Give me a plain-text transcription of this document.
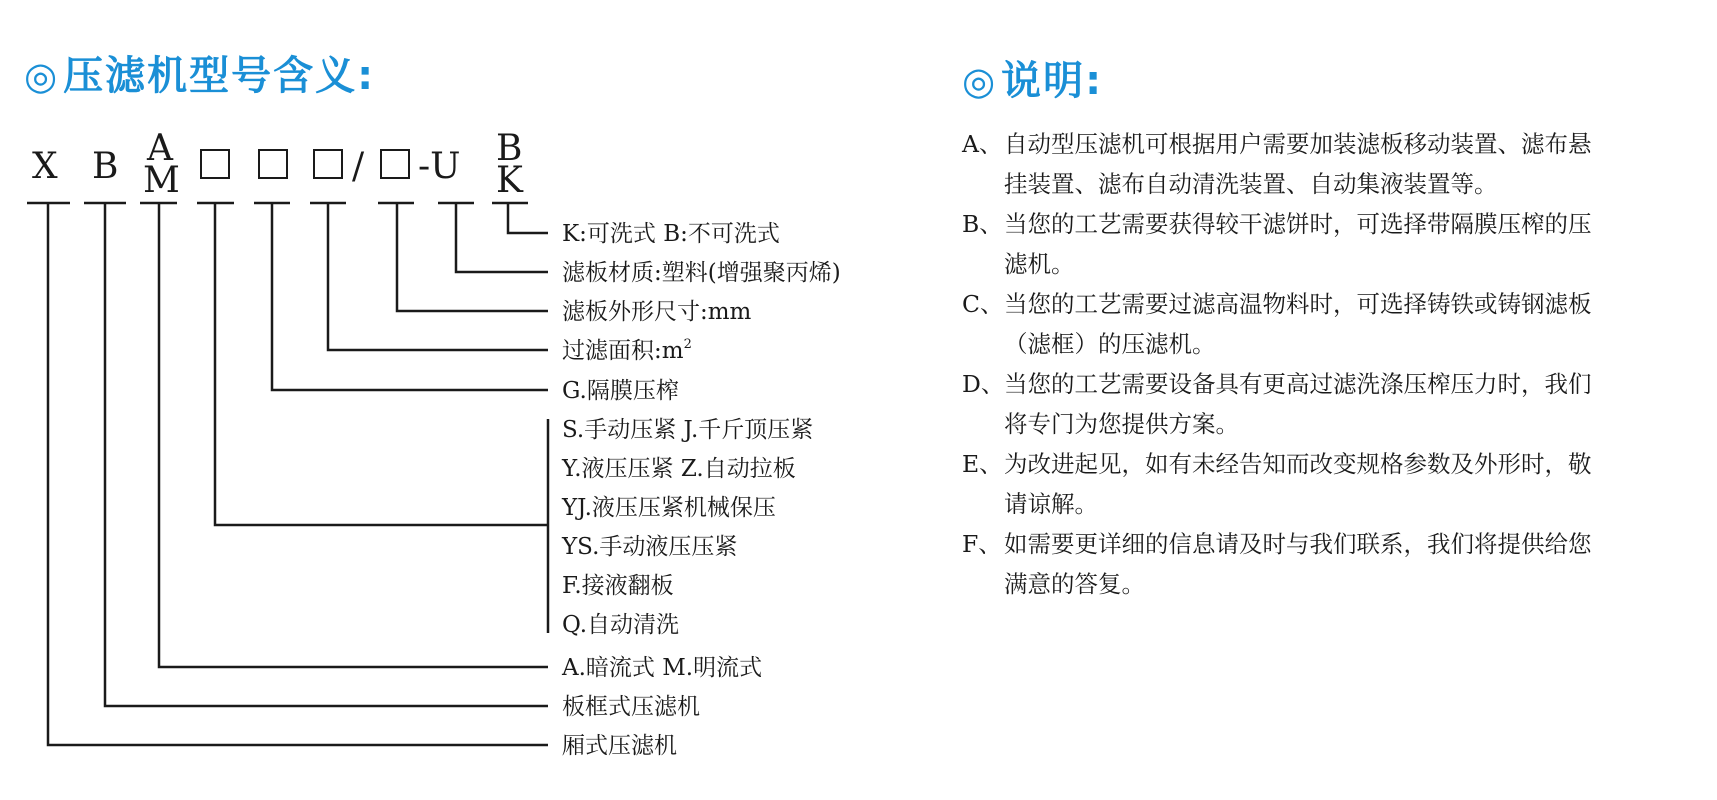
◎ 压滤机型号含义:	◎ 说明:
X B A
M	/ -U B
K
K:可洗式 B:不可洗式
滤板材质:塑料(增强聚丙烯)
滤板外形尺寸:mm
过滤面积$:m^2$
G.隔膜压榨
S.手动压紧 J.千斤顶压紧
Y.液压压紧 Z.自动拉板
YJ.液压压紧机械保压
YS.手动液压压紧
F.接液翻板
Q.自动清洗
A.暗流式 M.明流式
板框式压滤机
厢式压滤机
A、 自动型压滤机可根据用户需要加装滤板移动装置、滤布悬挂装置、滤布自动清洗装置、自动集液装置等。
B、 当您的工艺需要获得较干滤饼时，可选择带隔膜压榨的压滤机。
C、 当您的工艺需要过滤高温物料时，可选择铸铁或铸钢滤板（滤框）的压滤机。
D、 当您的工艺需要设备具有更高过滤洗涤压榨压力时，我们将专门为您提供方案。
E、 为改进起见，如有未经告知而改变规格参数及外形时，敬请谅解。
F、 如需要更详细的信息请及时与我们联系，我们将提供给您满意的答复。
